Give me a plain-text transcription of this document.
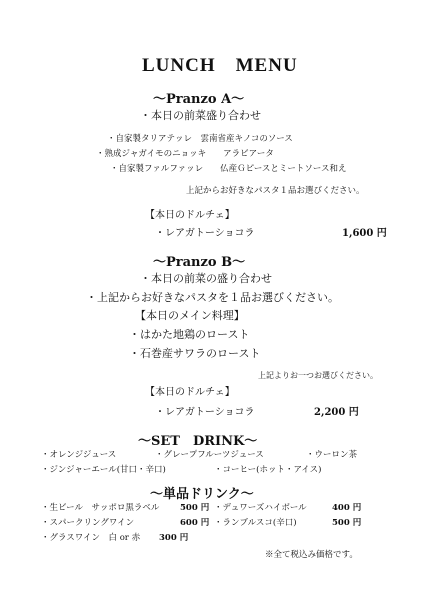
LUNCH　MENU
～Pranzo A～
・本日の前菜盛り合わせ
・自家製タリアテッレ　雲南省産キノコのソース
・熟成ジャガイモのニョッキ　　アラビアータ
・自家製ファルファッレ　　仏産Ｇピースとミートソース和え
上記からお好きなパスタ１品お選びください。
【本日のドルチェ】
・レアガトーショコラ	1,600 円
～Pranzo B～
・本日の前菜の盛り合わせ
・上記からお好きなパスタを１品お選びください。
【本日のメイン料理】
・はかた地鶏のロースト
・石巻産サワラのロースト
上記よりお一つお選びください。
【本日のドルチェ】
・レアガトーショコラ	2,200 円
～SET　DRINK～
・オレンジジュース	・グレープフルーツジュース	・ウーロン茶
・ジンジャーエール(甘口・辛口)	・コーヒー(ホット・アイス)
～単品ドリンク～
・生ビール　サッポロ黒ラベル 500 円 ・デュワーズハイボール	400 円
・スパークリングワイン	600 円 ・ランブルスコ(辛口)	500 円
・グラスワイン　白 or 赤 300 円
※全て税込み価格です。
